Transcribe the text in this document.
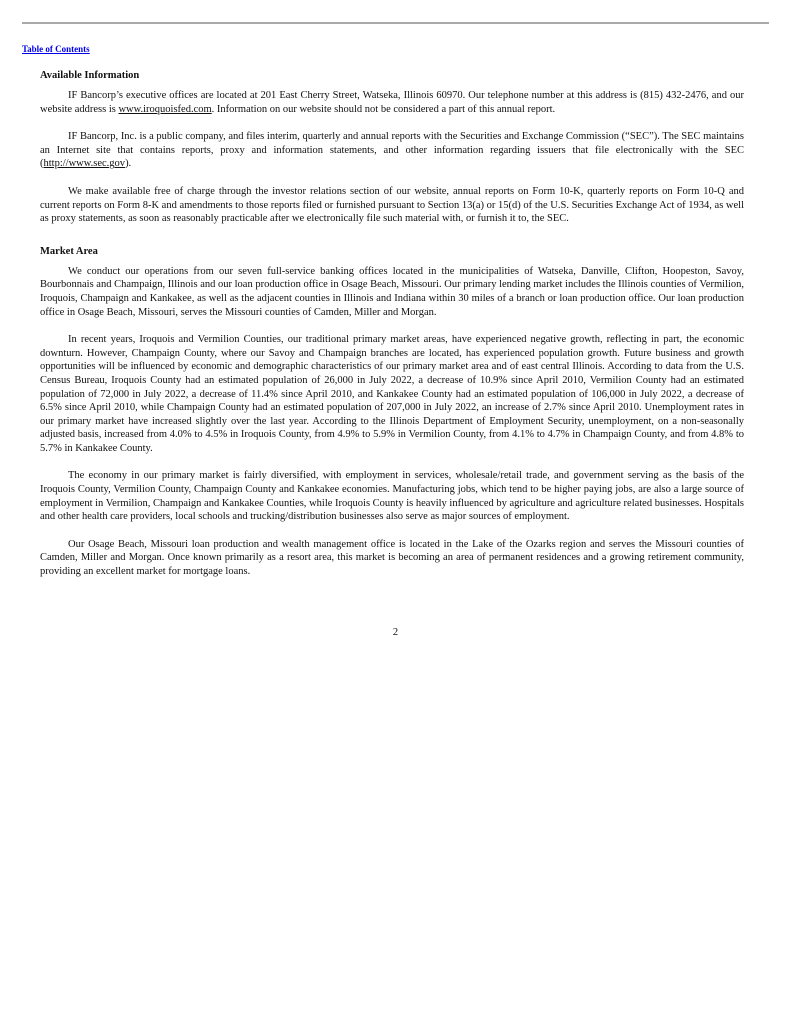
Table of Contents
Available Information

IF Bancorp’s executive offices are located at 201 East Cherry Street, Watseka, Illinois 60970. Our telephone number at this address is (815) 432-2476, and our website address is www.iroquoisfed.com. Information on our website should not be considered a part of this annual report.

IF Bancorp, Inc. is a public company, and files interim, quarterly and annual reports with the Securities and Exchange Commission (“SEC”). The SEC maintains an Internet site that contains reports, proxy and information statements, and other information regarding issuers that file electronically with the SEC (http://www.sec.gov).

We make available free of charge through the investor relations section of our website, annual reports on Form 10-K, quarterly reports on Form 10-Q and current reports on Form 8-K and amendments to those reports filed or furnished pursuant to Section 13(a) or 15(d) of the U.S. Securities Exchange Act of 1934, as well as proxy statements, as soon as reasonably practicable after we electronically file such material with, or furnish it to, the SEC.

Market Area

We conduct our operations from our seven full-service banking offices located in the municipalities of Watseka, Danville, Clifton, Hoopeston, Savoy, Bourbonnais and Champaign, Illinois and our loan production office in Osage Beach, Missouri. Our primary lending market includes the Illinois counties of Vermilion, Iroquois, Champaign and Kankakee, as well as the adjacent counties in Illinois and Indiana within 30 miles of a branch or loan production office. Our loan production office in Osage Beach, Missouri, serves the Missouri counties of Camden, Miller and Morgan.

In recent years, Iroquois and Vermilion Counties, our traditional primary market areas, have experienced negative growth, reflecting in part, the economic downturn. However, Champaign County, where our Savoy and Champaign branches are located, has experienced population growth. Future business and growth opportunities will be influenced by economic and demographic characteristics of our primary market area and of east central Illinois. According to data from the U.S. Census Bureau, Iroquois County had an estimated population of 26,000 in July 2022, a decrease of 10.9% since April 2010, Vermilion County had an estimated population of 72,000 in July 2022, a decrease of 11.4% since April 2010, and Kankakee County had an estimated population of 106,000 in July 2022, a decrease of 6.5% since April 2010, while Champaign County had an estimated population of 207,000 in July 2022, an increase of 2.7% since April 2010. Unemployment rates in our primary market have increased slightly over the last year. According to the Illinois Department of Employment Security, unemployment, on a non-seasonally adjusted basis, increased from 4.0% to 4.5% in Iroquois County, from 4.9% to 5.9% in Vermilion County, from 4.1% to 4.7% in Champaign County, and from 4.8% to 5.7% in Kankakee County.

The economy in our primary market is fairly diversified, with employment in services, wholesale/retail trade, and government serving as the basis of the Iroquois County, Vermilion County, Champaign County and Kankakee economies. Manufacturing jobs, which tend to be higher paying jobs, are also a large source of employment in Vermilion, Champaign and Kankakee Counties, while Iroquois County is heavily influenced by agriculture and agriculture related businesses. Hospitals and other health care providers, local schools and trucking/distribution businesses also serve as major sources of employment.

Our Osage Beach, Missouri loan production and wealth management office is located in the Lake of the Ozarks region and serves the Missouri counties of Camden, Miller and Morgan. Once known primarily as a resort area, this market is becoming an area of permanent residences and a growing retirement community, providing an excellent market for mortgage loans.

2
